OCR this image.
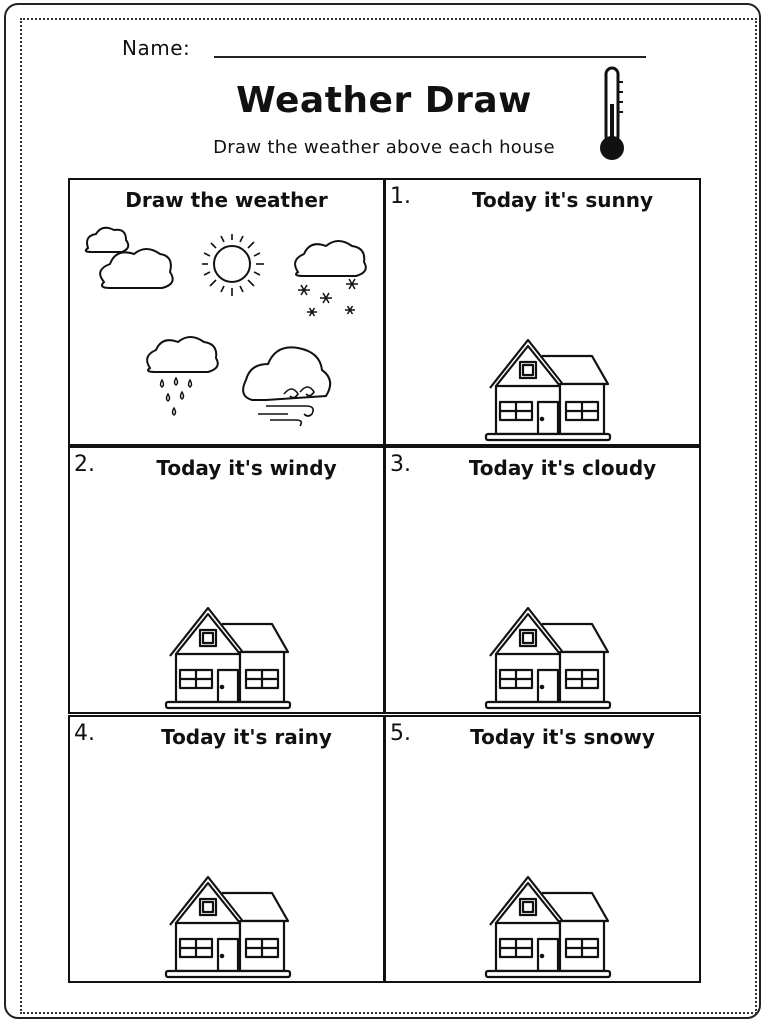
Name:
Weather Draw
Draw the weather above each house
Draw the weather	1.	Today it's sunny
2.	Today it's windy	3.	Today it's cloudy
4.	Today it's rainy	5.	Today it's snowy
